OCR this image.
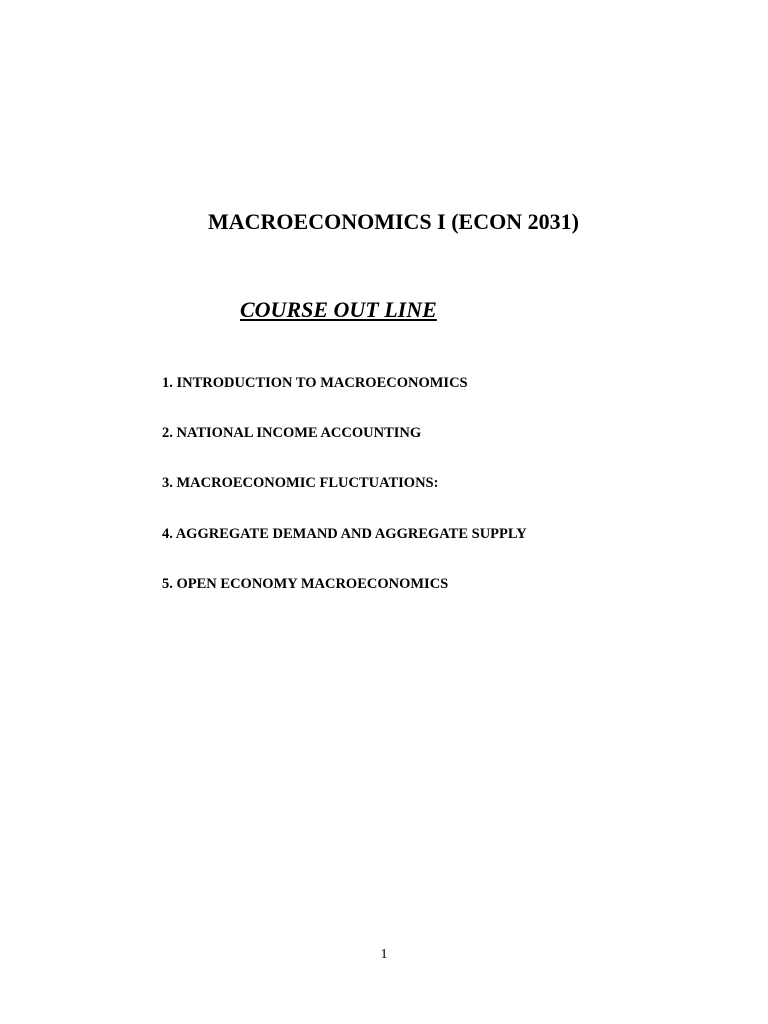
MACROECONOMICS I (ECON 2031)
COURSE OUT LINE
1. INTRODUCTION TO MACROECONOMICS
2. NATIONAL INCOME ACCOUNTING
3. MACROECONOMIC FLUCTUATIONS:
4. AGGREGATE DEMAND AND AGGREGATE SUPPLY
5. OPEN ECONOMY MACROECONOMICS
1
